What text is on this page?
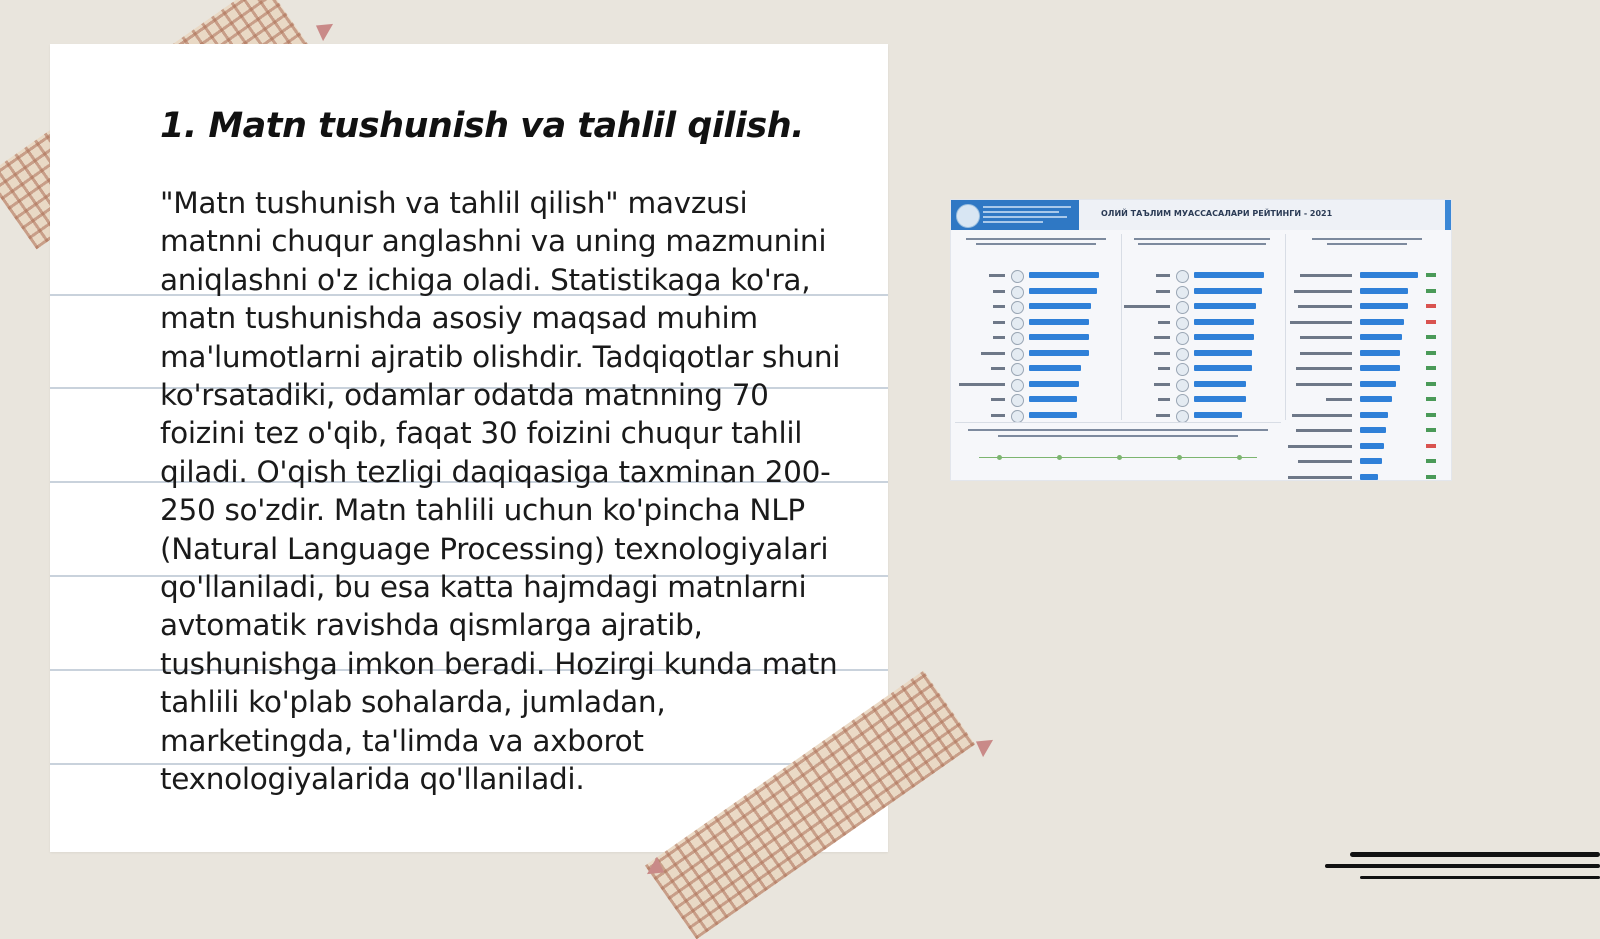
1. Matn tushunish va tahlil qilish.

"Matn tushunish va tahlil qilish" mavzusi matnni chuqur anglashni va uning mazmunini aniqlashni o'z ichiga oladi. Statistikaga ko'ra, matn tushunishda asosiy maqsad muhim ma'lumotlarni ajratib olishdir. Tadqiqotlar shuni ko'rsatadiki, odamlar odatda matnning 70 foizini tez o'qib, faqat 30 foizini chuqur tahlil qiladi. O'qish tezligi daqiqasiga taxminan 200-250 so'zdir. Matn tahlili uchun ko'pincha NLP (Natural Language Processing) texnologiyalari qo'llaniladi, bu esa katta hajmdagi matnlarni avtomatik ravishda qismlarga ajratib, tushunishga imkon beradi. Hozirgi kunda matn tahlili ko'plab sohalarda, jumladan, marketingda, ta'limda va axborot texnologiyalarida qo'llaniladi.

ОЛИЙ ТАЪЛИМ МУАССАСАЛАРИ РЕЙТИНГИ - 2021
